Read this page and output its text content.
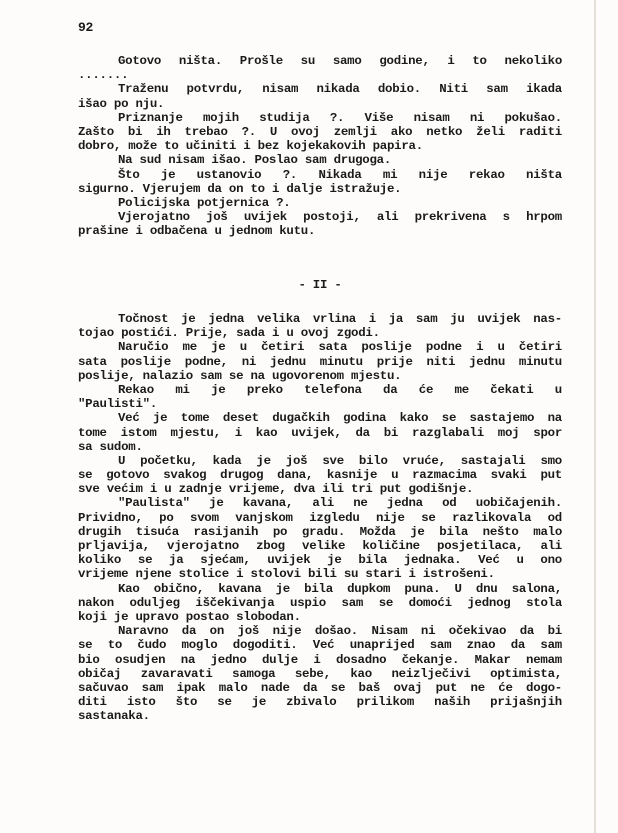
92
Gotovo ništa. Prošle su samo godine, i to nekoliko
.......
Traženu potvrdu, nisam nikada dobio. Niti sam ikada
išao po nju.
Priznanje mojih studija ?. Više nisam ni pokušao.
Zašto bi ih trebao ?. U ovoj zemlji ako netko želi raditi
dobro, može to učiniti i bez kojekakovih papira.
Na sud nisam išao. Poslao sam drugoga.
Što je ustanovio ?. Nikada mi nije rekao ništa
sigurno. Vjerujem da on to i dalje istražuje.
Policijska potjernica ?.
Vjerojatno još uvijek postoji, ali prekrivena s hrpom
prašine i odbačena u jednom kutu.
- II -
Točnost je jedna velika vrlina i ja sam ju uvijek nas-
tojao postići. Prije, sada i u ovoj zgodi.
Naručio me je u četiri sata poslije podne i u četiri
sata poslije podne, ni jednu minutu prije niti jednu minutu
poslije, nalazio sam se na ugovorenom mjestu.
Rekao mi je preko telefona da će me čekati u
"Paulisti".
Već je tome deset dugačkih godina kako se sastajemo na
tome istom mjestu, i kao uvijek, da bi razglabali moj spor
sa sudom.
U početku, kada je još sve bilo vruće, sastajali smo
se gotovo svakog drugog dana, kasnije u razmacima svaki put
sve većim i u zadnje vrijeme, dva ili tri put godišnje.
"Paulista" je kavana, ali ne jedna od uobičajenih.
Prividno, po svom vanjskom izgledu nije se razlikovala od
drugih tisuća rasijanih po gradu. Možda je bila nešto malo
prljavija, vjerojatno zbog velike količine posjetilaca, ali
koliko se ja sjećam, uvijek je bila jednaka. Već u ono
vrijeme njene stolice i stolovi bili su stari i istrošeni.
Kao obično, kavana je bila dupkom puna. U dnu salona,
nakon oduljeg iščekivanja uspio sam se domoći jednog stola
koji je upravo postao slobodan.
Naravno da on još nije došao. Nisam ni očekivao da bi
se to čudo moglo dogoditi. Već unaprijed sam znao da sam
bio osudjen na jedno dulje i dosadno čekanje. Makar nemam
običaj zavaravati samoga sebe, kao neizlječivi optimista,
sačuvao sam ipak malo nade da se baš ovaj put ne će dogo-
diti isto što se je zbivalo prilikom naših prijašnjih
sastanaka.
